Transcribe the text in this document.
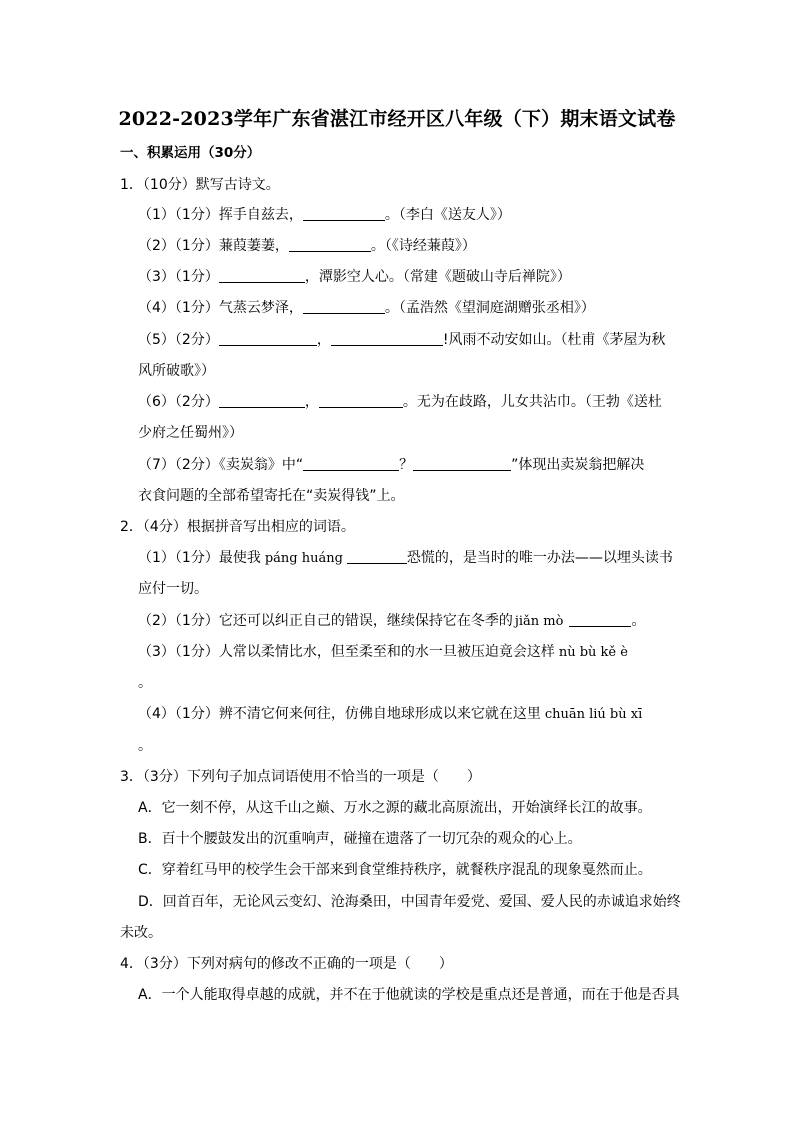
2022-2023学年广东省湛江市经开区八年级（下）期末语文试卷
一、积累运用（30分）
1．（10分）默写古诗文。
（1）（1分）挥手自兹去，	。（李白《送友人》）
（2）（1分）蒹葭萋萋，	。（《诗经蒹葭》）
（3）（1分）	，潭影空人心。（常建《题破山寺后禅院》）
（4）（1分）气蒸云梦泽，	。（孟浩然《望洞庭湖赠张丞相》）
（5）（2分）	，	!风雨不动安如山。（杜甫《茅屋为秋
风所破歌》）
（6）（2分）	，	。无为在歧路，儿女共沾巾。（王勃《送杜
少府之任蜀州》）
（7）（2分）《卖炭翁》中“	？	”体现出卖炭翁把解决
衣食问题的全部希望寄托在“卖炭得钱”上。
2．（4分）根据拼音写出相应的词语。
（1）（1分）最使我 páng huáng	恐慌的，是当时的唯一办法——以埋头读书
应付一切。
（2）（1分）它还可以纠正自己的错误，继续保持它在冬季的 jiǎn mò	。
（3）（1分）人常以柔情比水，但至柔至和的水一旦被压迫竟会这样 nù bù kě è
。
（4）（1分）辨不清它何来何往，仿佛自地球形成以来它就在这里 chuān liú bù xī
。
3．（3分）下列句子加点词语使用不恰当的一项是（　　）
A．它一刻不停，从这千山之巅、万水之源的藏北高原流出，开始演绎长江的故事。
B．百十个腰鼓发出的沉重响声，碰撞在遗落了一切冗杂的观众的心上。
C．穿着红马甲的校学生会干部来到食堂维持秩序，就餐秩序混乱的现象戛然而止。
D．回首百年，无论风云变幻、沧海桑田，中国青年爱党、爱国、爱人民的赤诚追求始终
未改。
4．（3分）下列对病句的修改不正确的一项是（　　）
A．一个人能取得卓越的成就，并不在于他就读的学校是重点还是普通，而在于他是否具
